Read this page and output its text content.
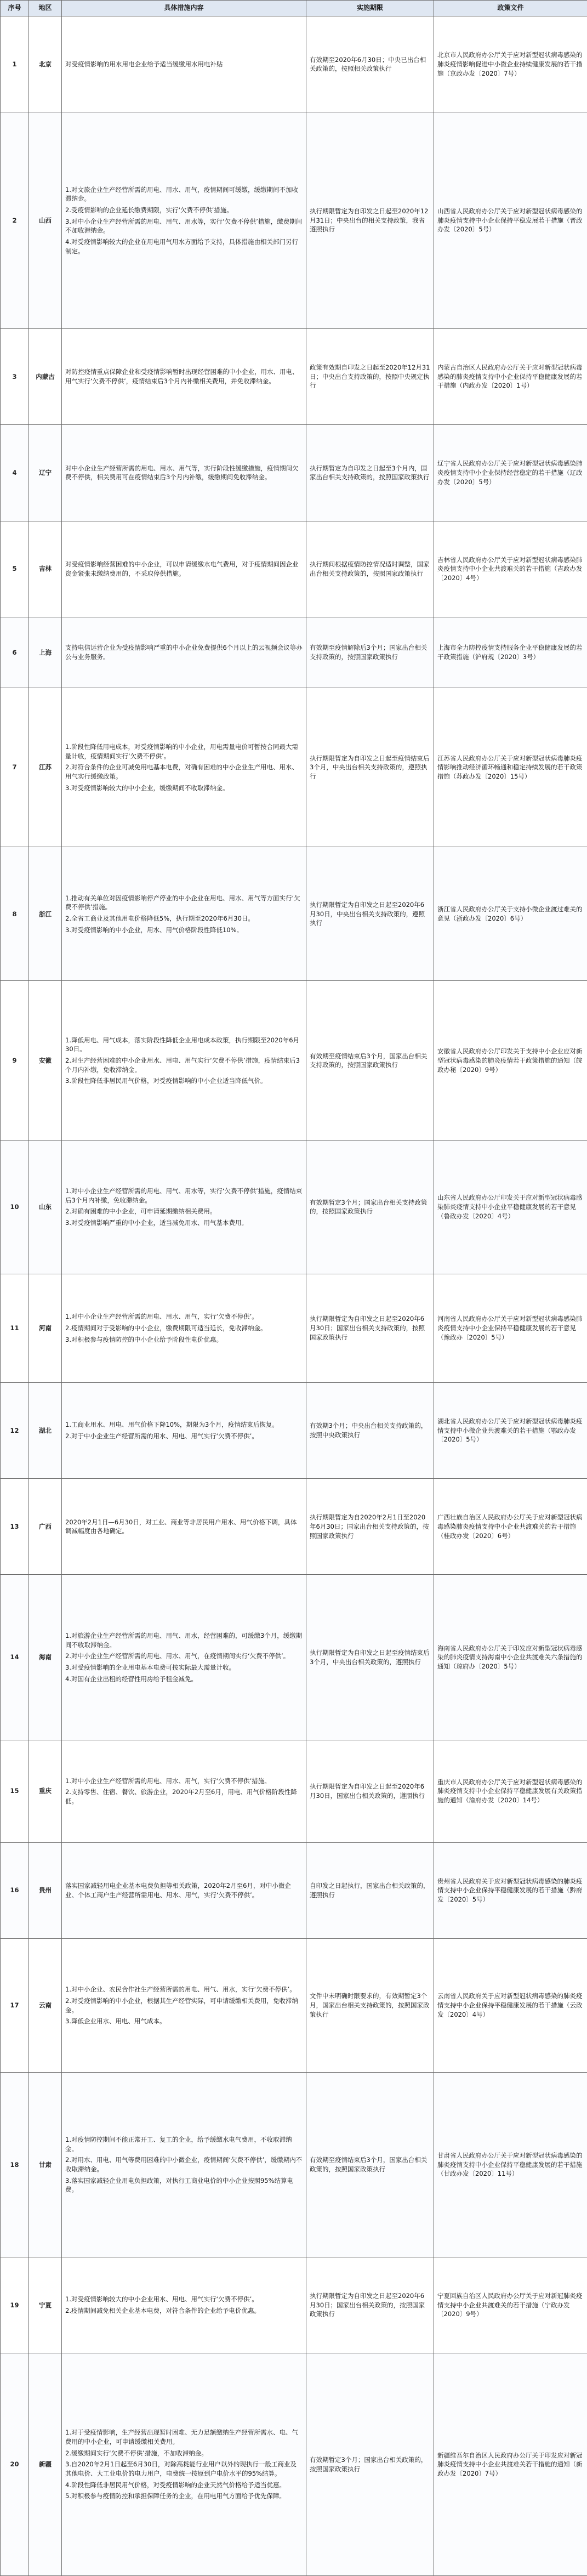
序号	地区	具体措施内容	实施期限	政策文件
1	北京	对受疫情影响的用水用电企业给予适当缓缴用水用电补贴	有效期至2020年6月30日；中央已出台相关政策的，按照相关政策执行	北京市人民政府办公厅关于应对新型冠状病毒感染的肺炎疫情影响促进中小微企业持续健康发展的若干措施（京政办发〔2020〕7号）
2	山西	1.对文旅企业生产经营所需的用电、用水、用气，疫情期间可缓缴，缓缴期间不加收滞纳金。
2.受疫情影响的企业延长缴费期限，实行‘欠费不停供’措施。
3.对中小企业生产经营所需的用电、用气、用水等，实行‘欠费不停供’措施，缴费期间不加收滞纳金。
4.对受疫情影响较大的企业在用电用气用水方面给予支持，具体措施由相关部门另行制定。	执行期限暂定为自印发之日起至2020年12月31日；中央出台的相关支持政策，我省遵照执行	山西省人民政府办公厅关于应对新型冠状病毒感染的肺炎疫情支持中小企业保持平稳发展若干措施（晋政办发〔2020〕5号）
3	内蒙古	对防控疫情重点保障企业和受疫情影响暂时出现经营困难的中小企业，用水、用电、用气实行‘欠费不停供’，疫情结束后3个月内补缴相关费用，并免收滞纳金。	政策有效期自印发之日起至2020年12月31日；中央出台支持政策的，按照中央规定执行	内蒙古自治区人民政府办公厅关于应对新型冠状病毒感染的肺炎疫情支持中小企业保持平稳健康发展的若干措施（内政办发〔2020〕1号）
4	辽宁	对中小企业生产经营所需的用电、用水、用气等，实行阶段性缓缴措施，疫情期间欠费不停供，相关费用可在疫情结束后3个月内补缴，缓缴期间免收滞纳金。	执行期暂定为自印发之日起至3个月内，国家出台相关支持政策的，按照国家政策执行	辽宁省人民政府办公厅关于应对新型冠状病毒感染肺炎疫情支持中小企业保持经营稳定的若干措施（辽政办发〔2020〕5号）
5	吉林	对受疫情影响经营困难的中小企业，可以申请缓缴水电气费用，对于疫情期间因企业资金紧张未缴纳费用的，不采取停供措施。	执行期间根据疫情防控情况适时调整，国家出台相关支持政策的，按照国家政策执行	吉林省人民政府办公厅关于应对新型冠状病毒感染肺炎疫情支持中小企业共渡难关的若干措施（吉政办发〔2020〕4号）
6	上海	支持电信运营企业为受疫情影响严重的中小企业免费提供6个月以上的云视频会议等办公与业务服务。	有效期至疫情解除后3个月；国家出台相关支持政策的，按照国家政策执行	上海市全力防控疫情支持服务企业平稳健康发展的若干政策措施（沪府规〔2020〕3号）
7	江苏	1.阶段性降低用电成本，对受疫情影响的中小企业，用电需量电价可暂按合同最大需量计收，疫情期间实行‘欠费不停供’。
2.对符合条件的企业可减免用电基本电费，对确有困难的中小企业生产用电、用水、用气实行缓缴政策。
3.对受疫情影响较大的中小企业，缓缴期间不收取滞纳金。	执行期限暂定为自印发之日起至疫情结束后3个月，中央出台相关支持政策的，遵照执行	江苏省人民政府办公厅关于应对新型冠状病毒肺炎疫情影响推动经济循环畅通和稳定持续发展的若干政策措施（苏政办发〔2020〕15号）
8	浙江	1.推动有关单位对因疫情影响停产停业的中小企业在用电、用水、用气等方面实行‘欠费不停供’措施。
2.全省工商业及其他用电价格降低5%，执行期至2020年6月30日。
3.对受疫情影响的中小企业，用水、用气价格阶段性降低10%。	执行期限暂定为自印发之日起至2020年6月30日，中央出台相关支持政策的，遵照执行	浙江省人民政府办公厅关于支持小微企业渡过难关的意见（浙政办发〔2020〕6号）
9	安徽	1.降低用电、用气成本，落实阶段性降低企业用电成本政策，执行期限至2020年6月30日。
2.对生产经营困难的中小企业用水、用电、用气实行‘欠费不停供’措施，疫情结束后3个月内补缴，免收滞纳金。
3.阶段性降低非居民用气价格，对受疫情影响的中小企业适当降低气价。	有效期至疫情结束后3个月，国家出台相关支持政策的，按照国家政策执行	安徽省人民政府办公厅印发关于支持中小企业应对新型冠状病毒感染的肺炎疫情若干政策措施的通知（皖政办秘〔2020〕9号）
10	山东	1.对中小企业生产经营所需的用电、用气、用水等，实行‘欠费不停供’措施，疫情结束后3个月内补缴，免收滞纳金。
2.对确有困难的中小企业，可申请延期缴纳相关费用。
3.对受疫情影响严重的中小企业，适当减免用水、用气基本费用。	有效期暂定3个月；国家出台相关支持政策的，按照国家政策执行	山东省人民政府办公厅印发关于应对新型冠状病毒感染肺炎疫情支持中小企业平稳健康发展的若干意见（鲁政办发〔2020〕4号）
11	河南	1.对中小企业生产经营所需的用电、用水、用气，实行‘欠费不停供’。
2.疫情期间对于受影响的中小企业，缴费期限可适当延长，免收滞纳金。
3.对积极参与疫情防控的中小企业给予阶段性电价优惠。	执行期限暂定为自印发之日起至2020年6月30日；国家出台相关支持政策的，按照国家政策执行	河南省人民政府办公厅关于应对新型冠状病毒感染肺炎疫情支持中小企业保持平稳健康发展的若干意见（豫政办〔2020〕5号）
12	湖北	1.工商业用水、用电、用气价格下降10%，期限为3个月，疫情结束后恢复。
2.对于中小企业生产经营所需的用水、用电、用气实行‘欠费不停供’。	有效期3个月；中央出台相关支持政策的，按照中央政策执行	湖北省人民政府办公厅关于应对新型冠状病毒肺炎疫情支持中小微企业共渡难关的若干措施（鄂政办发〔2020〕5号）
13	广西	2020年2月1日—6月30日，对工业、商业等非居民用户用水、用气价格下调，具体调减幅度由各地确定。	执行期限暂定为自2020年2月1日至2020年6月30日；国家出台相关支持政策的，按照国家政策执行	广西壮族自治区人民政府办公厅关于应对新型冠状病毒感染肺炎疫情支持中小企业共渡难关的若干措施（桂政办发〔2020〕6号）
14	海南	1.对旅游企业生产经营所需的用电、用气、用水，经营困难的，可缓缴3个月，缓缴期间不收取滞纳金。
2.对中小企业生产经营所需的用电、用水、用气，在疫情期间实行‘欠费不停供’。
3.对受疫情影响的企业用电基本电费可按实际最大需量计收。
4.对国有企业出租的经营性用房给予租金减免。	执行期限暂定为自印发之日起至疫情结束后3个月，中央出台相关政策的，遵照执行	海南省人民政府办公厅关于印发应对新型冠状病毒感染的肺炎疫情支持海南中小企业共渡难关六条措施的通知（琼府办〔2020〕5号）
15	重庆	1.对中小企业生产经营所需的用电、用水、用气，实行‘欠费不停供’措施。
2.支持零售、住宿、餐饮、旅游企业，2020年2月至6月，用电、用气价格阶段性降低。	执行期限暂定为自印发之日起至2020年6月30日，国家出台相关政策的，遵照执行	重庆市人民政府办公厅关于应对新型冠状病毒感染的肺炎疫情支持中小企业保持平稳健康发展有关政策措施的通知（渝府办发〔2020〕14号）
16	贵州	落实国家减轻用电企业基本电费负担等相关政策，2020年2月至6月，对中小微企业、个体工商户生产经营所需用电、用水、用气，实行‘欠费不停供’。	自印发之日起执行，国家出台相关政策的，遵照执行	贵州省人民政府关于应对新型冠状病毒感染的肺炎疫情支持中小企业保持平稳健康发展的若干措施（黔府发〔2020〕5号）
17	云南	1.对中小企业、农民合作社生产经营所需的用电、用气、用水，实行‘欠费不停供’。
2.对受疫情影响的中小企业，根据其生产经营实际，可申请缓缴相关费用，免收滞纳金。
3.降低企业用水、用电、用气成本。	文件中未明确时限要求的，有效期暂定3个月，国家出台相关支持政策的，按照国家政策执行	云南省人民政府关于应对新型冠状病毒感染的肺炎疫情支持中小企业保持平稳健康发展的若干措施（云政发〔2020〕4号）
18	甘肃	1.对疫情防控期间不能正常开工、复工的企业，给予缓缴水电气费用，不收取滞纳金。
2.对用水、用电、用气等费用困难的中小微企业，疫情期间‘欠费不停供’，缓缴期内不收取滞纳金。
3.落实国家减轻企业用电负担政策，对执行工商业电价的中小企业按照95%结算电费。	有效期至疫情结束后3个月，国家出台相关政策的，按照国家政策执行	甘肃省人民政府办公厅关于应对新型冠状病毒感染的肺炎疫情支持中小企业保持平稳健康发展的若干措施（甘政办发〔2020〕11号）
19	宁夏	1.对受疫情影响较大的中小企业用水、用电、用气实行‘欠费不停供’。
2.疫情期间减免相关企业基本电费，对符合条件的企业给予电价优惠。	执行期限暂定为自印发之日起至2020年6月30日；国家出台相关政策的，按照国家政策执行	宁夏回族自治区人民政府办公厅关于应对新冠肺炎疫情支持中小企业共渡难关的若干措施（宁政办发〔2020〕9号）
20	新疆	1.对于受疫情影响，生产经营出现暂时困难、无力足额缴纳生产经营所需水、电、气费用的中小企业，可申请缓缴相关费用。
2.缓缴期间实行‘欠费不停供’措施，不加收滞纳金。
3.自2020年2月1日起至6月30日，对除高耗能行业用户以外的现执行一般工商业及其他电价、大工业电价的电力用户，电费统一按原到户电价水平的95%结算。
4.阶段性降低非居民用气价格，对受疫情影响的企业天然气价格给予适当优惠。
5.对积极参与疫情防控和承担保障任务的企业，在用电用气方面给予优先保障。	有效期暂定3个月；国家出台相关政策的，按照国家政策执行	新疆维吾尔自治区人民政府办公厅关于印发应对新冠肺炎疫情支持中小企业共渡难关若干措施的通知（新政办发〔2020〕7号）
